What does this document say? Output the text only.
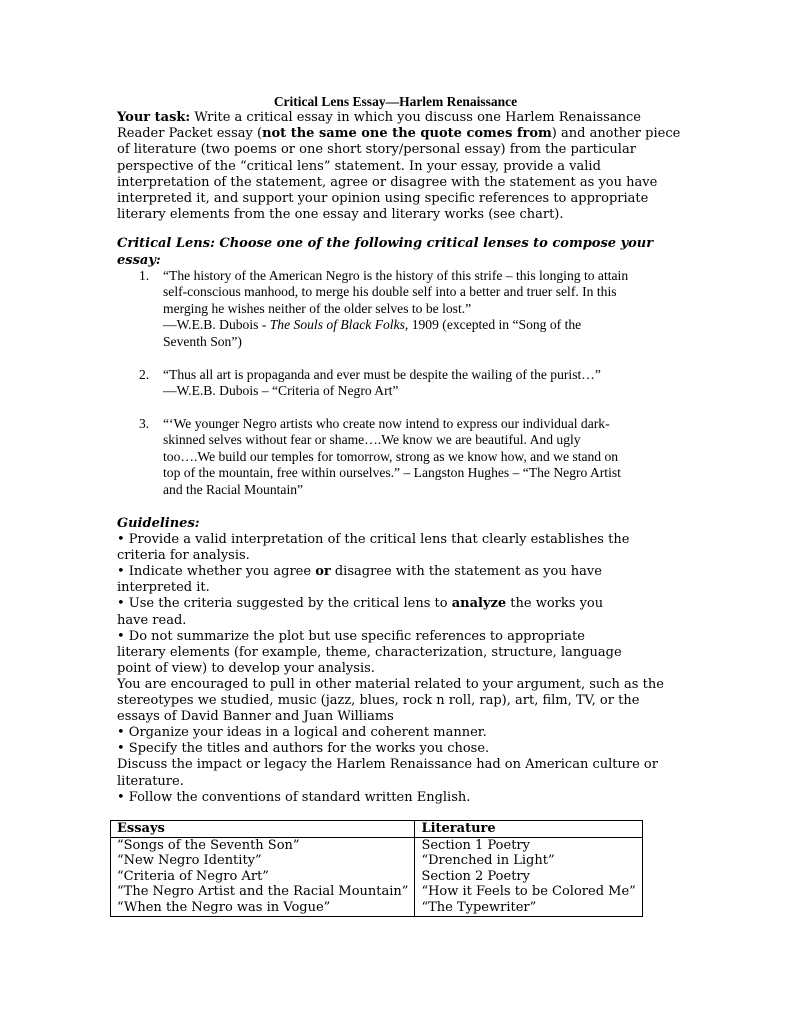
Critical Lens Essay—Harlem Renaissance
Your task: Write a critical essay in which you discuss one Harlem Renaissance Reader Packet essay (not the same one the quote comes from) and another piece of literature (two poems or one short story/personal essay) from the particular perspective of the “critical lens” statement. In your essay, provide a valid interpretation of the statement, agree or disagree with the statement as you have interpreted it, and support your opinion using specific references to appropriate literary elements from the one essay and literary works (see chart).
Critical Lens: Choose one of the following critical lenses to compose your essay:
1.	“The history of the American Negro is the history of this strife – this longing to attain
self-conscious manhood, to merge his double self into a better and truer self. In this
merging he wishes neither of the older selves to be lost.”
—W.E.B. Dubois - The Souls of Black Folks, 1909 (excepted in “Song of the
Seventh Son”)
2.	“Thus all art is propaganda and ever must be despite the wailing of the purist…”
—W.E.B. Dubois – “Criteria of Negro Art”
3.	“‘We younger Negro artists who create now intend to express our individual dark-
skinned selves without fear or shame….We know we are beautiful. And ugly
too….We build our temples for tomorrow, strong as we know how, and we stand on
top of the mountain, free within ourselves.” – Langston Hughes – “The Negro Artist
and the Racial Mountain”
Guidelines:
• Provide a valid interpretation of the critical lens that clearly establishes the
criteria for analysis.
• Indicate whether you agree or disagree with the statement as you have
interpreted it.
• Use the criteria suggested by the critical lens to analyze the works you
have read.
• Do not summarize the plot but use specific references to appropriate
literary elements (for example, theme, characterization, structure, language
point of view) to develop your analysis.
You are encouraged to pull in other material related to your argument, such as the
stereotypes we studied, music (jazz, blues, rock n roll, rap), art, film, TV, or the
essays of David Banner and Juan Williams
• Organize your ideas in a logical and coherent manner.
• Specify the titles and authors for the works you chose.
Discuss the impact or legacy the Harlem Renaissance had on American culture or
literature.
• Follow the conventions of standard written English.
Essays	Literature
“Songs of the Seventh Son”	Section 1 Poetry
“New Negro Identity”	“Drenched in Light”
“Criteria of Negro Art”	Section 2 Poetry
“The Negro Artist and the Racial Mountain”	“How it Feels to be Colored Me”
“When the Negro was in Vogue”	“The Typewriter”
